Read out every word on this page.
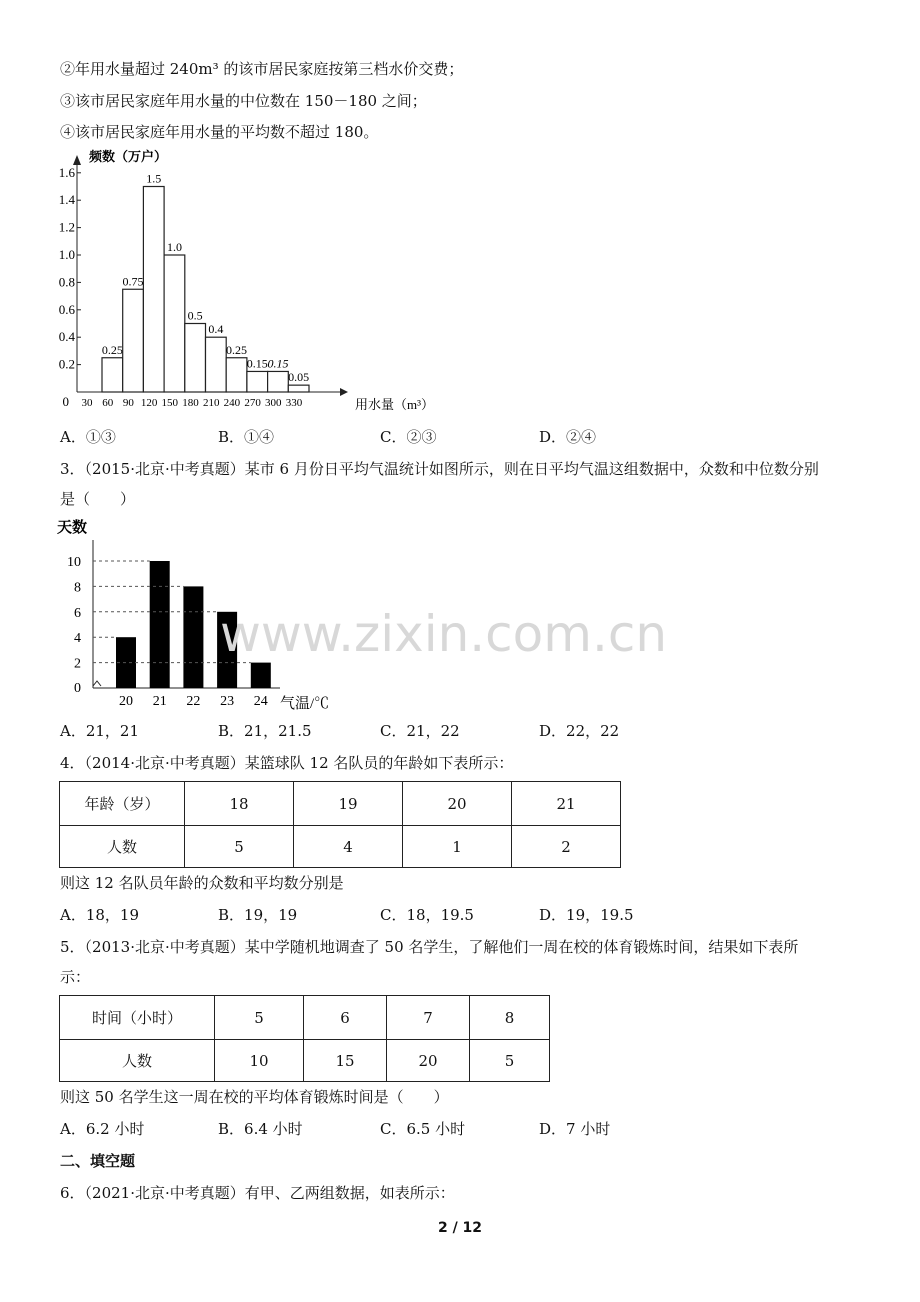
②年用水量超过 240m³ 的该市居民家庭按第三档水价交费；
③该市居民家庭年用水量的中位数在 150－180 之间；
④该市居民家庭年用水量的平均数不超过 180。
频数（万户）
用水量（m³）
0
0.2
0.4
0.6
0.8
1.0
1.2
1.4
1.6
30 60 90 120 150 180 210 240 270 300 330
0.25
0.75
1.5
1.0
0.5
0.4
0.25
0.15 0.15
0.05
A．①③	B．①④	C．②③	D．②④
3．（2015·北京·中考真题）某市 6 月份日平均气温统计如图所示，则在日平均气温这组数据中，众数和中位数分别
是（　　）
天数
0
2
4
6
8
10
20 21 22 23 24 气温/℃
www.zixin.com.cn
A．21，21	B．21，21.5	C．21，22	D．22，22
4．（2014·北京·中考真题）某篮球队 12 名队员的年龄如下表所示：
年龄（岁）	18	19	20	21
人数	5	4	1	2
则这 12 名队员年龄的众数和平均数分别是
A．18，19	B．19，19	C．18，19.5	D．19，19.5
5．（2013·北京·中考真题）某中学随机地调查了 50 名学生，了解他们一周在校的体育锻炼时间，结果如下表所
示：
时间（小时）	5	6	7	8
人数	10	15	20	5
则这 50 名学生这一周在校的平均体育锻炼时间是（　　）
A．6.2 小时	B．6.4 小时	C．6.5 小时	D．7 小时
二、填空题
6．（2021·北京·中考真题）有甲、乙两组数据，如表所示：
2 / 12
